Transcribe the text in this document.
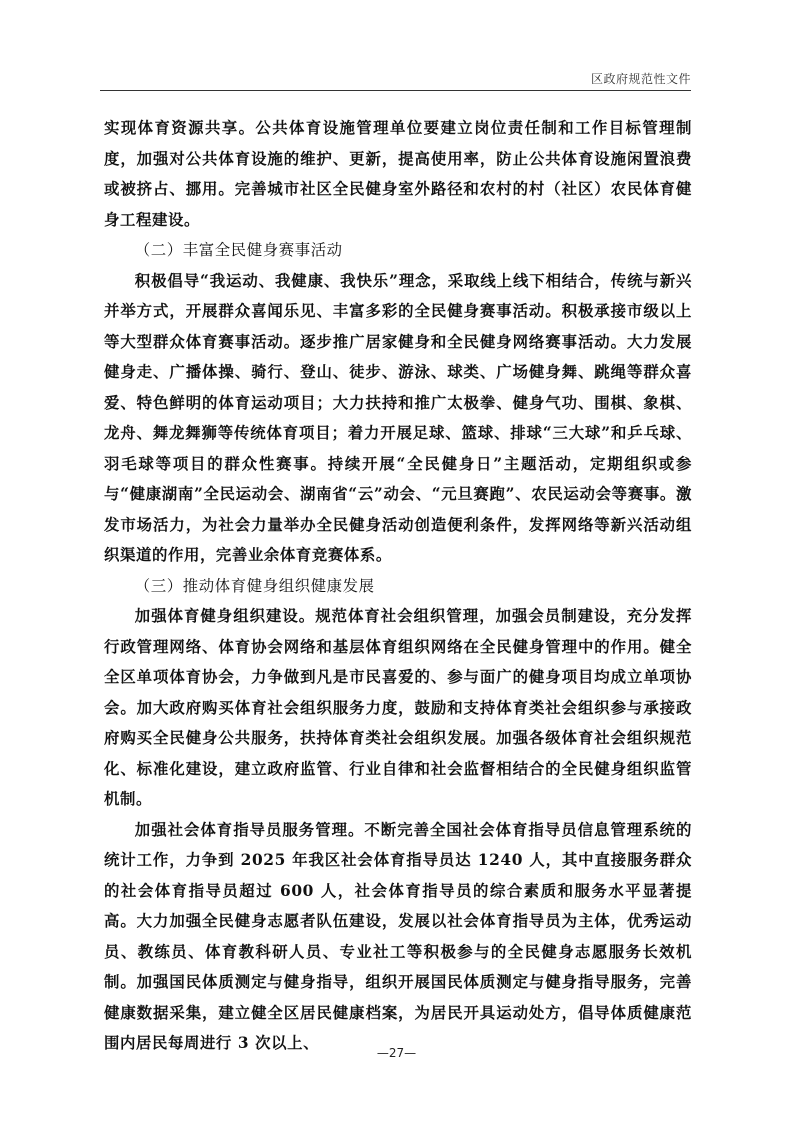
区政府规范性文件

实现体育资源共享。公共体育设施管理单位要建立岗位责任制和工作目标管理制度，加强对公共体育设施的维护、更新，提高使用率，防止公共体育设施闲置浪费或被挤占、挪用。完善城市社区全民健身室外路径和农村的村（社区）农民体育健身工程建设。

（二）丰富全民健身赛事活动

积极倡导“我运动、我健康、我快乐”理念，采取线上线下相结合，传统与新兴并举方式，开展群众喜闻乐见、丰富多彩的全民健身赛事活动。积极承接市级以上等大型群众体育赛事活动。逐步推广居家健身和全民健身网络赛事活动。大力发展健身走、广播体操、骑行、登山、徒步、游泳、球类、广场健身舞、跳绳等群众喜爱、特色鲜明的体育运动项目；大力扶持和推广太极拳、健身气功、围棋、象棋、龙舟、舞龙舞狮等传统体育项目；着力开展足球、篮球、排球“三大球”和乒乓球、羽毛球等项目的群众性赛事。持续开展“全民健身日”主题活动，定期组织或参与“健康湖南”全民运动会、湖南省“云”动会、“元旦赛跑”、农民运动会等赛事。激发市场活力，为社会力量举办全民健身活动创造便利条件，发挥网络等新兴活动组织渠道的作用，完善业余体育竞赛体系。

（三）推动体育健身组织健康发展

加强体育健身组织建设。规范体育社会组织管理，加强会员制建设，充分发挥行政管理网络、体育协会网络和基层体育组织网络在全民健身管理中的作用。健全全区单项体育协会，力争做到凡是市民喜爱的、参与面广的健身项目均成立单项协会。加大政府购买体育社会组织服务力度，鼓励和支持体育类社会组织参与承接政府购买全民健身公共服务，扶持体育类社会组织发展。加强各级体育社会组织规范化、标准化建设，建立政府监管、行业自律和社会监督相结合的全民健身组织监管机制。

加强社会体育指导员服务管理。不断完善全国社会体育指导员信息管理系统的统计工作，力争到 2025 年我区社会体育指导员达 1240 人，其中直接服务群众的社会体育指导员超过 600 人，社会体育指导员的综合素质和服务水平显著提高。大力加强全民健身志愿者队伍建设，发展以社会体育指导员为主体，优秀运动员、教练员、体育教科研人员、专业社工等积极参与的全民健身志愿服务长效机制。加强国民体质测定与健身指导，组织开展国民体质测定与健身指导服务，完善健康数据采集，建立健全区居民健康档案，为居民开具运动处方，倡导体质健康范围内居民每周进行 3 次以上、

—27—
